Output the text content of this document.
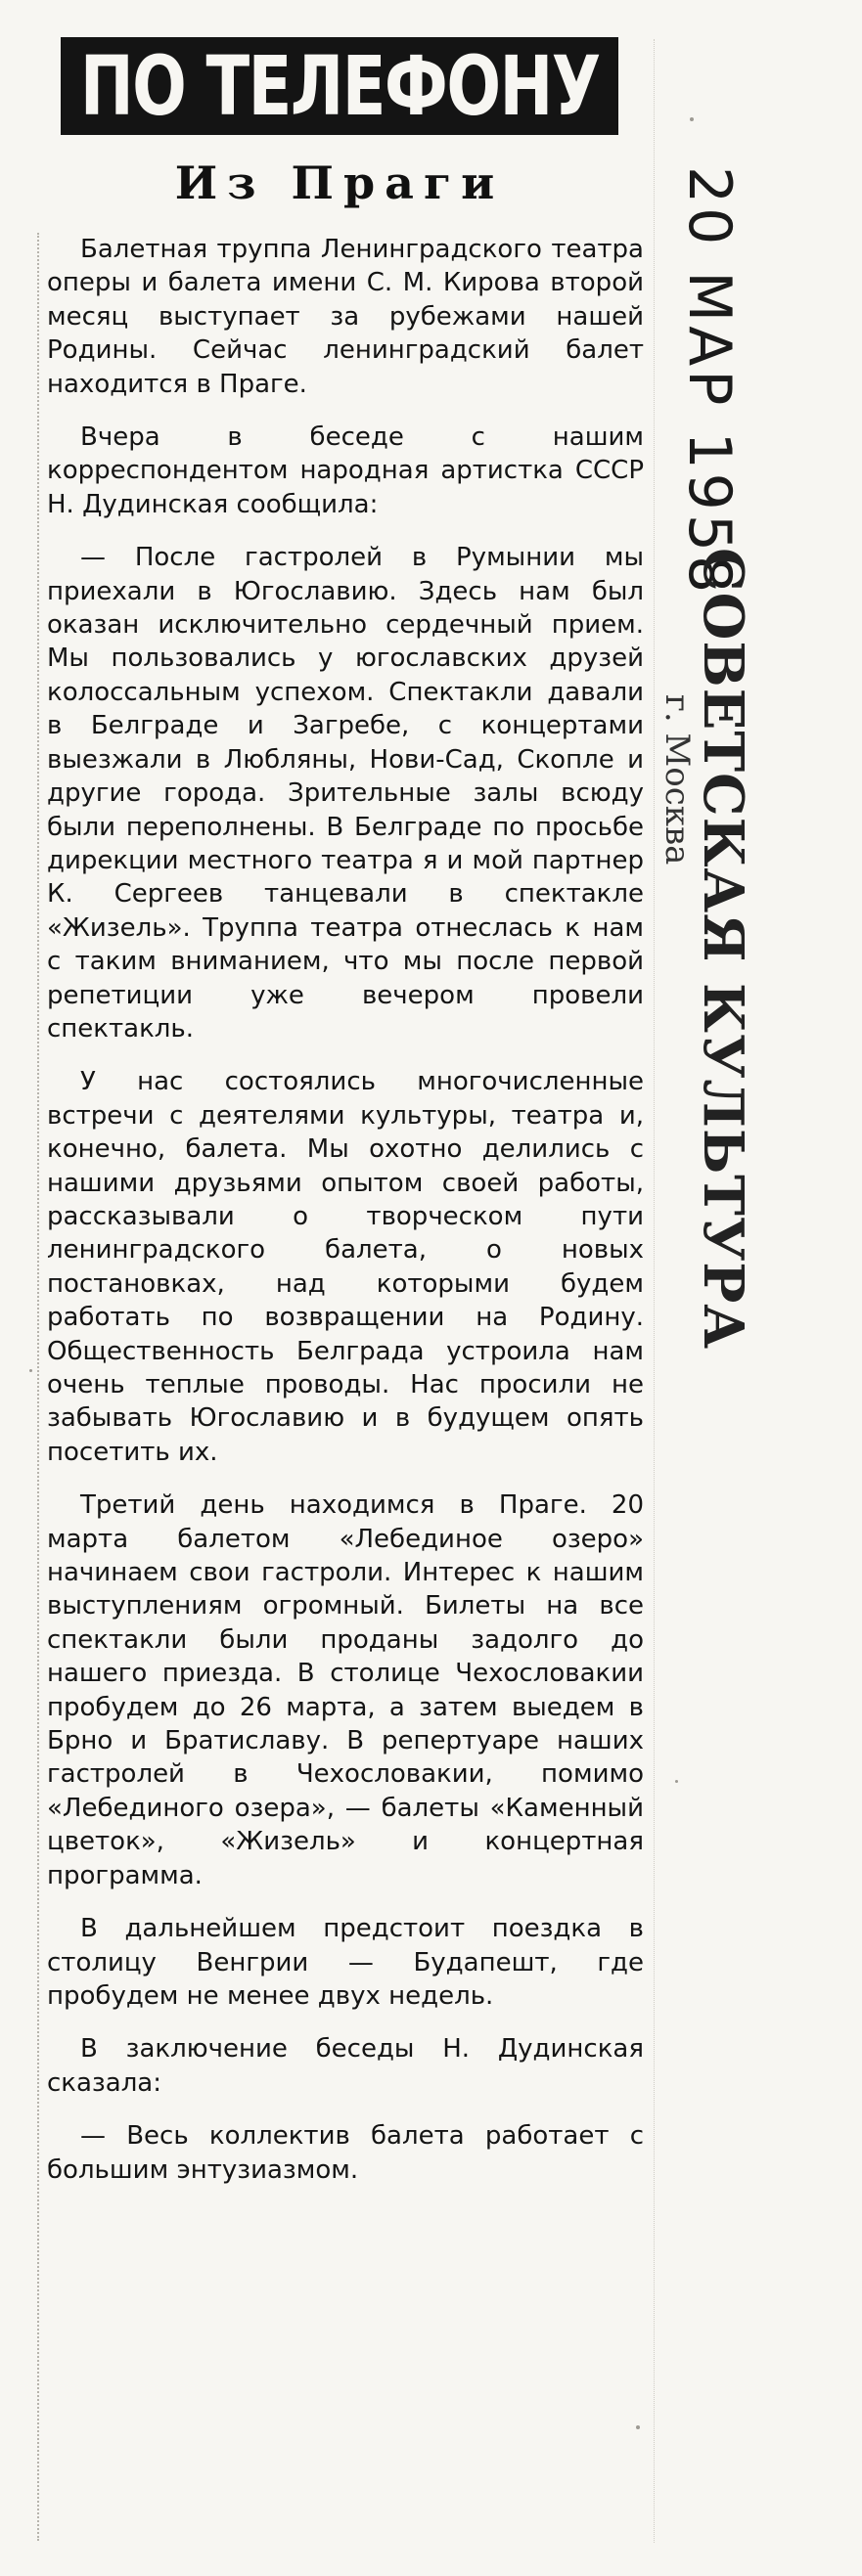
ПО ТЕЛЕФОНУ
Из Праги

Балетная труппа Ленинградского театра оперы и балета имени С. М. Кирова второй месяц выступает за рубежами нашей Родины. Сейчас ленинградский балет находится в Праге.

Вчера в беседе с нашим корреспондентом народная артистка СССР Н. Дудинская сообщила:

— После гастролей в Румынии мы приехали в Югославию. Здесь нам был оказан исключительно сердечный прием. Мы пользовались у югославских друзей колоссальным успехом. Спектакли давали в Белграде и Загребе, с концертами выезжали в Любляны, Нови-Сад, Скопле и другие города. Зрительные залы всюду были переполнены. В Белграде по просьбе дирекции местного театра я и мой партнер К. Сергеев танцевали в спектакле «Жизель». Труппа театра отнеслась к нам с таким вниманием, что мы после первой репетиции уже вечером провели спектакль.

У нас состоялись многочисленные встречи с деятелями культуры, театра и, конечно, балета. Мы охотно делились с нашими друзьями опытом своей работы, рассказывали о творческом пути ленинградского балета, о новых постановках, над которыми будем работать по возвращении на Родину. Общественность Белграда устроила нам очень теплые проводы. Нас просили не забывать Югославию и в будущем опять посетить их.

Третий день находимся в Праге. 20 марта балетом «Лебединое озеро» начинаем свои гастроли. Интерес к нашим выступлениям огромный. Билеты на все спектакли были проданы задолго до нашего приезда. В столице Чехословакии пробудем до 26 марта, а затем выедем в Брно и Братиславу. В репертуаре наших гастролей в Чехословакии, помимо «Лебединого озера», — балеты «Каменный цветок», «Жизель» и концертная программа.

В дальнейшем предстоит поездка в столицу Венгрии — Будапешт, где пробудем не менее двух недель.

В заключение беседы Н. Дудинская сказала:

— Весь коллектив балета работает с большим энтузиазмом.

20 МАР 1958
СОВЕТСКАЯ КУЛЬТУРА
г. Москва
